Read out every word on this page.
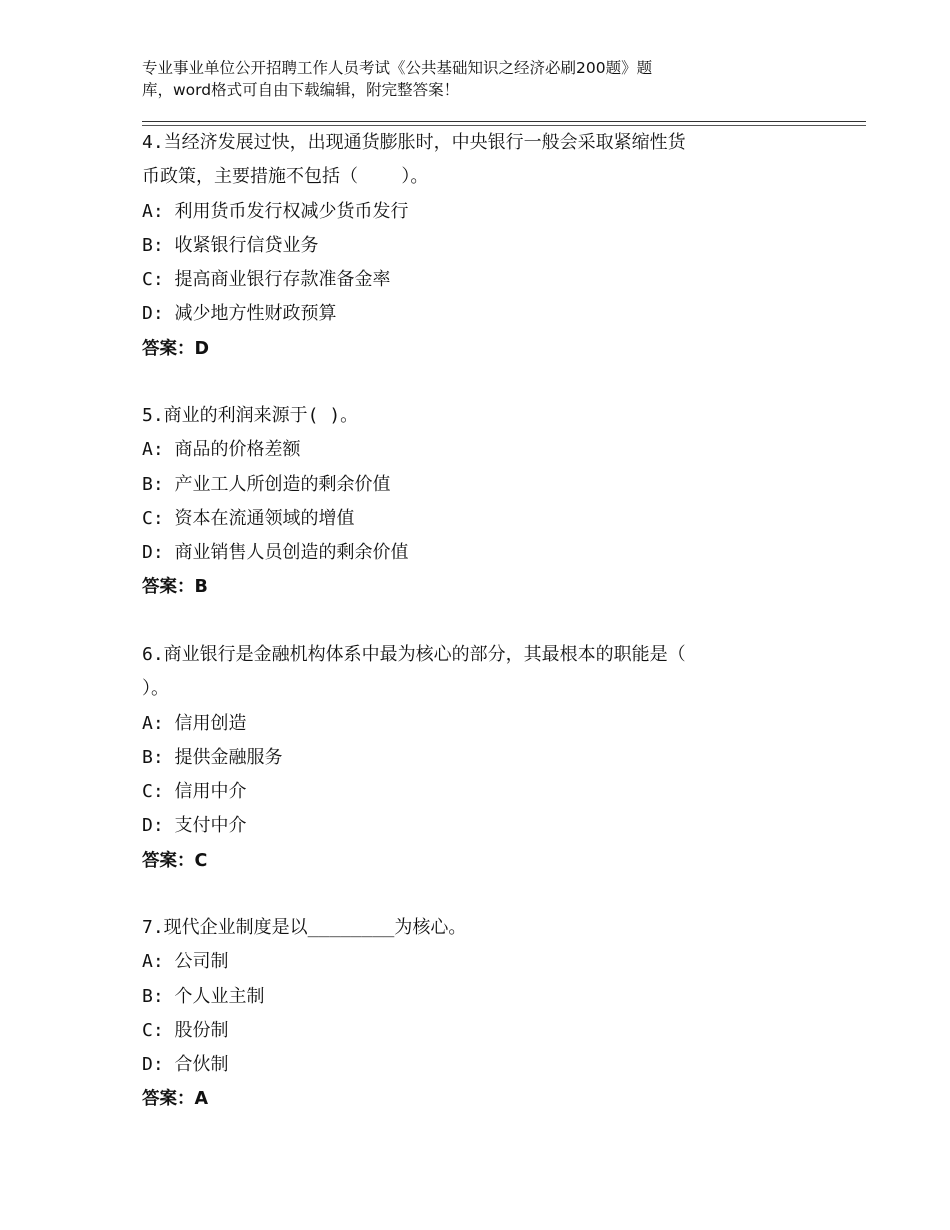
专业事业单位公开招聘工作人员考试《公共基础知识之经济必刷200题》题
库，word格式可自由下载编辑，附完整答案！
4.当经济发展过快，出现通货膨胀时，中央银行一般会采取紧缩性货
币政策，主要措施不包括（    ）。
A: 利用货币发行权减少货币发行
B: 收紧银行信贷业务
C: 提高商业银行存款准备金率
D: 减少地方性财政预算
答案：D
5.商业的利润来源于( )。
A: 商品的价格差额
B: 产业工人所创造的剩余价值
C: 资本在流通领域的增值
D: 商业销售人员创造的剩余价值
答案：B
6.商业银行是金融机构体系中最为核心的部分，其最根本的职能是（
）。
A: 信用创造
B: 提供金融服务
C: 信用中介
D: 支付中介
答案：C
7.现代企业制度是以________为核心。
A: 公司制
B: 个人业主制
C: 股份制
D: 合伙制
答案：A
